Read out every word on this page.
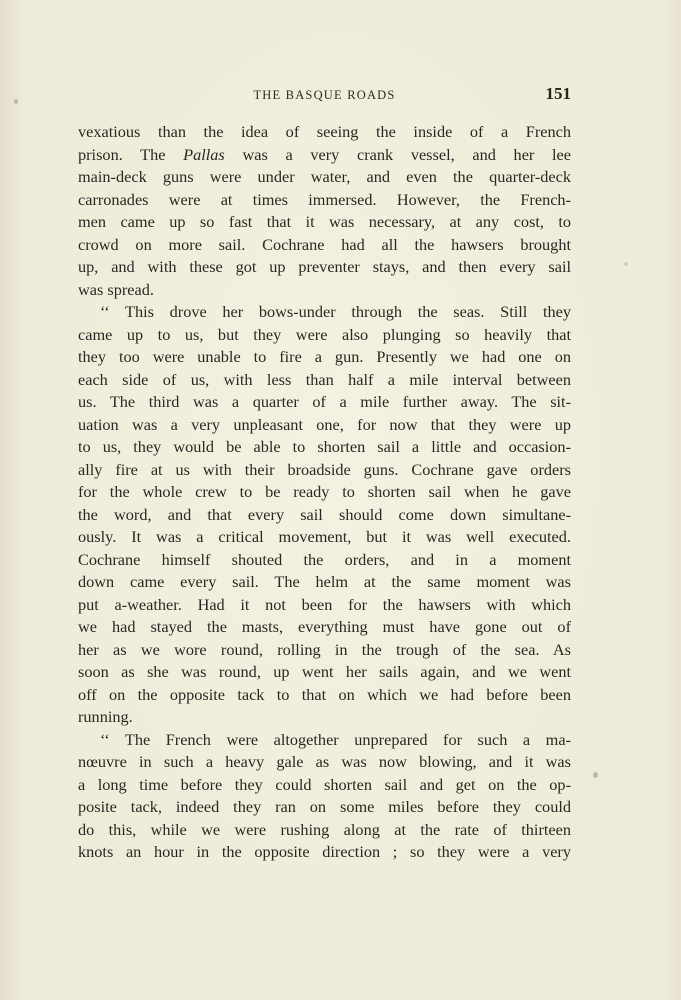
THE BASQUE ROADS	151
vexatious than the idea of seeing the inside of a French
prison. The Pallas was a very crank vessel, and her lee
main-deck guns were under water, and even the quarter-deck
carronades were at times immersed. However, the French-
men came up so fast that it was necessary, at any cost, to
crowd on more sail. Cochrane had all the hawsers brought
up, and with these got up preventer stays, and then every sail
was spread.
‘‘ This drove her bows-under through the seas. Still they
came up to us, but they were also plunging so heavily that
they too were unable to fire a gun. Presently we had one on
each side of us, with less than half a mile interval between
us. The third was a quarter of a mile further away. The sit-
uation was a very unpleasant one, for now that they were up
to us, they would be able to shorten sail a little and occasion-
ally fire at us with their broadside guns. Cochrane gave orders
for the whole crew to be ready to shorten sail when he gave
the word, and that every sail should come down simultane-
ously. It was a critical movement, but it was well executed.
Cochrane himself shouted the orders, and in a moment
down came every sail. The helm at the same moment was
put a-weather. Had it not been for the hawsers with which
we had stayed the masts, everything must have gone out of
her as we wore round, rolling in the trough of the sea. As
soon as she was round, up went her sails again, and we went
off on the opposite tack to that on which we had before been
running.
‘‘ The French were altogether unprepared for such a ma-
nœuvre in such a heavy gale as was now blowing, and it was
a long time before they could shorten sail and get on the op-
posite tack, indeed they ran on some miles before they could
do this, while we were rushing along at the rate of thirteen
knots an hour in the opposite direction ; so they were a very
